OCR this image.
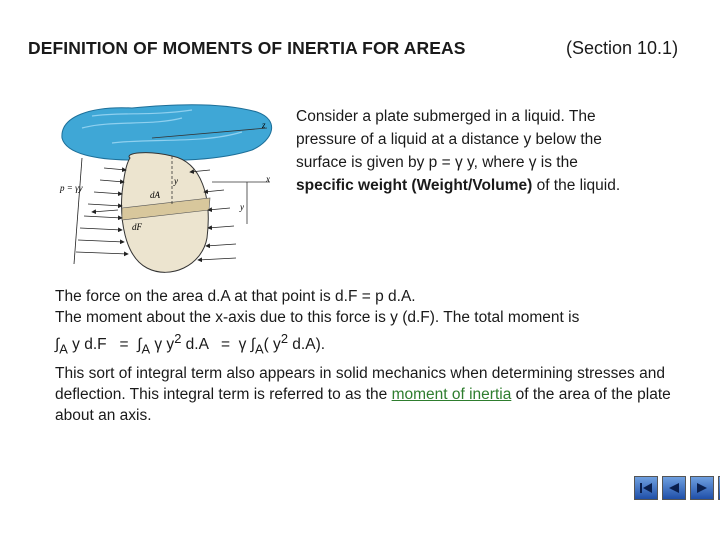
DEFINITION OF MOMENTS OF INERTIA FOR AREAS	(Section 10.1)
z
p = γy
y
dA
x
y
dF
Consider a plate submerged in a liquid. The
pressure of a liquid at a distance y below the
surface is given by p = γ y, where γ is the
specific weight (Weight/Volume) of the liquid.

The force on the area d.A at that point is d.F = p d.A.

The moment about the x-axis due to this force is y (d.F). The total moment is

$\int_A$ y $d.F = \int_A$ γ $y^2$ d.A   =  γ $\int_A$( $y^2$ d.A).

This sort of integral term also appears in solid mechanics when determining stresses and deflection. This integral term is referred to as the moment of inertia of the area of the plate about an axis.
